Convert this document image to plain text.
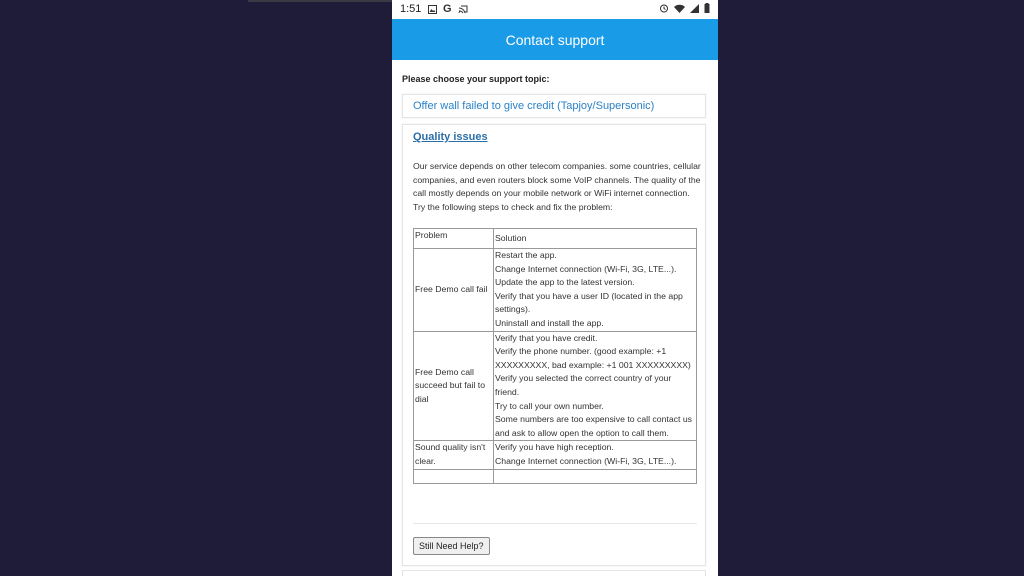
1:51 G
Contact support
Please choose your support topic:
Offer wall failed to give credit (Tapjoy/Supersonic)
Quality issues
Our service depends on other telecom companies. some countries, cellular companies, and even routers block some VoIP channels. The quality of the call mostly depends on your mobile network or WiFi internet connection. Try the following steps to check and fix the problem:
Problem	Solution
Free Demo call fail	Restart the app.
Change Internet connection (Wi-Fi, 3G, LTE...).
Update the app to the latest version.
Verify that you have a user ID (located in the app settings).
Uninstall and install the app.

Free Demo call succeed but fail to dial	Verify that you have credit.
Verify the phone number. (good example: +1 XXXXXXXXX, bad example: +1 001 XXXXXXXXX)
Verify you selected the correct country of your friend.
Try to call your own number.
Some numbers are too expensive to call contact us and ask to allow open the option to call them.

Sound quality isn't clear.	Verify you have high reception.
Change Internet connection (Wi-Fi, 3G, LTE...).

Still Need Help?
